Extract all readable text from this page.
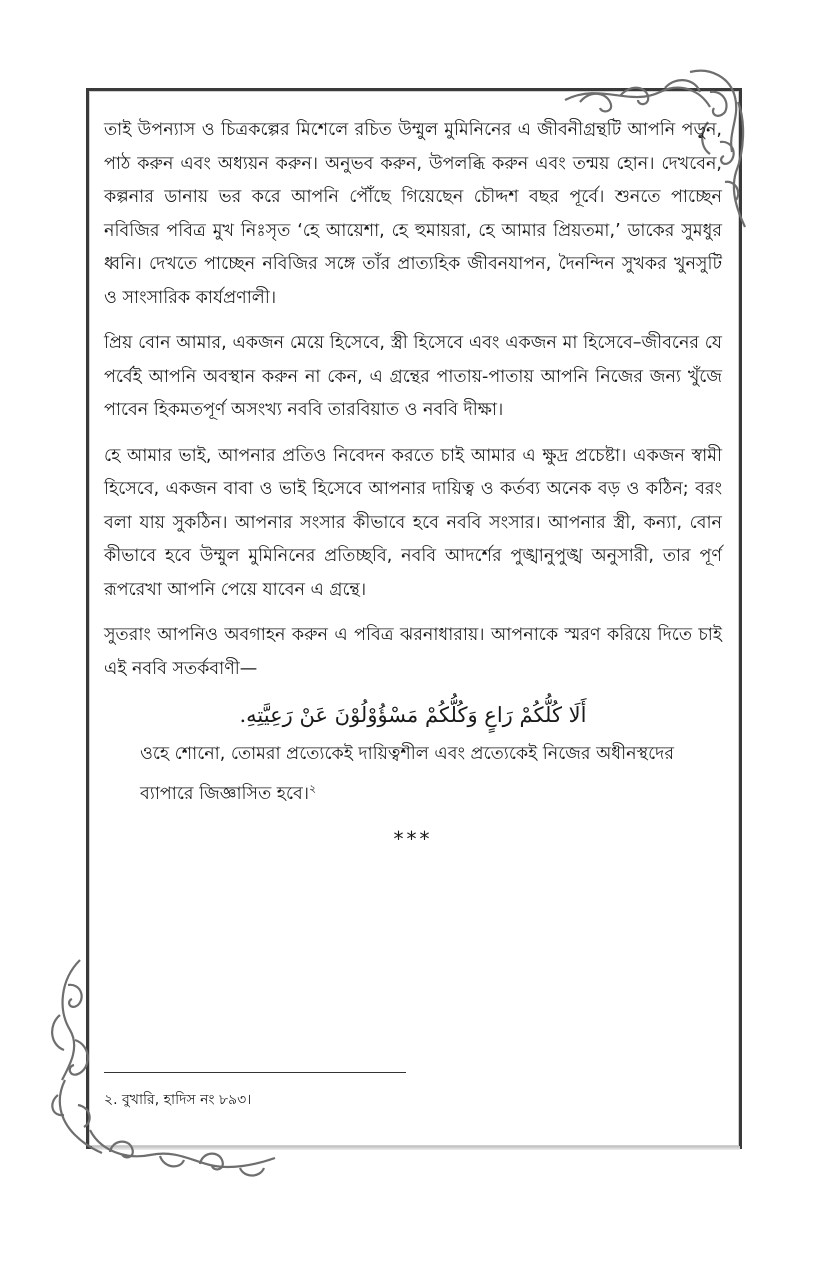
তাই উপন্যাস ও চিত্রকল্পের মিশেলে রচিত উম্মুল মুমিনিনের এ জীবনীগ্রন্থটি আপনি পড়ুন, পাঠ করুন এবং অধ্যয়ন করুন। অনুভব করুন, উপলব্ধি করুন এবং তন্ময় হোন। দেখবেন, কল্পনার ডানায় ভর করে আপনি পৌঁছে গিয়েছেন চৌদ্দশ বছর পূর্বে। শুনতে পাচ্ছেন নবিজির পবিত্র মুখ নিঃসৃত ‘হে আয়েশা, হে হুমায়রা, হে আমার প্রিয়তমা,’ ডাকের সুমধুর ধ্বনি। দেখতে পাচ্ছেন নবিজির সঙ্গে তাঁর প্রাত্যহিক জীবনযাপন, দৈনন্দিন সুখকর খুনসুটি ও সাংসারিক কার্যপ্রণালী।

প্রিয় বোন আমার, একজন মেয়ে হিসেবে, স্ত্রী হিসেবে এবং একজন মা হিসেবে–জীবনের যে পর্বেই আপনি অবস্থান করুন না কেন, এ গ্রন্থের পাতায়-পাতায় আপনি নিজের জন্য খুঁজে পাবেন হিকমতপূর্ণ অসংখ্য নববি তারবিয়াত ও নববি দীক্ষা।

হে আমার ভাই, আপনার প্রতিও নিবেদন করতে চাই আমার এ ক্ষুদ্র প্রচেষ্টা। একজন স্বামী হিসেবে, একজন বাবা ও ভাই হিসেবে আপনার দায়িত্ব ও কর্তব্য অনেক বড় ও কঠিন; বরং বলা যায় সুকঠিন। আপনার সংসার কীভাবে হবে নববি সংসার। আপনার স্ত্রী, কন্যা, বোন কীভাবে হবে উম্মুল মুমিনিনের প্রতিচ্ছবি, নববি আদর্শের পুঙ্খানুপুঙ্খ অনুসারী, তার পূর্ণ রূপরেখা আপনি পেয়ে যাবেন এ গ্রন্থে।

সুতরাং আপনিও অবগাহন করুন এ পবিত্র ঝরনাধারায়। আপনাকে স্মরণ করিয়ে দিতে চাই এই নববি সতর্কবাণী—

أَلَا كُلُّكُمْ رَاعٍ وَكُلُّكُمْ مَسْؤُوْلُوْنَ عَنْ رَعِيَّتِهِ.

ওহে শোনো, তোমরা প্রত্যেকেই দায়িত্বশীল এবং প্রত্যেকেই নিজের অধীনস্থদের ব্যাপারে জিজ্ঞাসিত হবে।$^২$

***
২. বুখারি, হাদিস নং ৮৯৩।
